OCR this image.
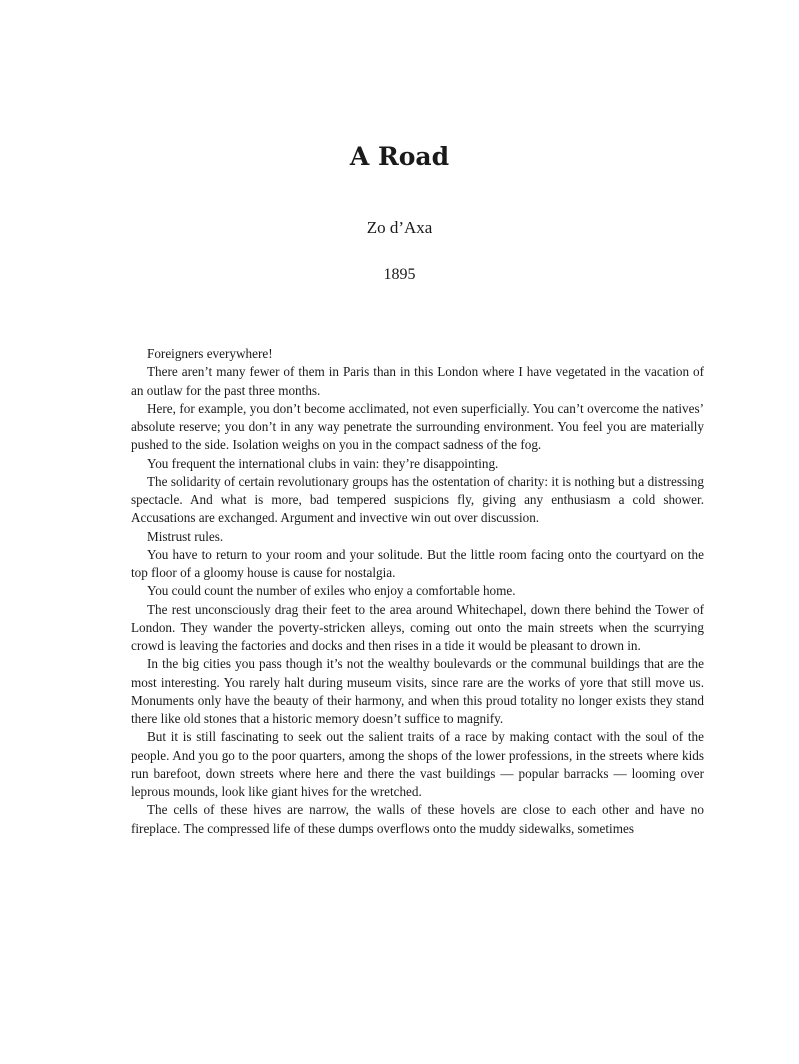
A Road
Zo d’Axa
1895

Foreigners everywhere!

There aren’t many fewer of them in Paris than in this London where I have vegetated in the vacation of an outlaw for the past three months.

Here, for example, you don’t become acclimated, not even superficially. You can’t overcome the natives’ absolute reserve; you don’t in any way penetrate the surrounding environment. You feel you are materially pushed to the side. Isolation weighs on you in the compact sadness of the fog.

You frequent the international clubs in vain: they’re disappointing.

The solidarity of certain revolutionary groups has the ostentation of charity: it is nothing but a distressing spectacle. And what is more, bad tempered suspicions fly, giving any enthusiasm a cold shower. Accusations are exchanged. Argument and invective win out over discussion.

Mistrust rules.

You have to return to your room and your solitude. But the little room facing onto the courtyard on the top floor of a gloomy house is cause for nostalgia.

You could count the number of exiles who enjoy a comfortable home.

The rest unconsciously drag their feet to the area around Whitechapel, down there behind the Tower of London. They wander the poverty-stricken alleys, coming out onto the main streets when the scurrying crowd is leaving the factories and docks and then rises in a tide it would be pleasant to drown in.

In the big cities you pass though it’s not the wealthy boulevards or the communal buildings that are the most interesting. You rarely halt during museum visits, since rare are the works of yore that still move us. Monuments only have the beauty of their harmony, and when this proud totality no longer exists they stand there like old stones that a historic memory doesn’t suffice to magnify.

But it is still fascinating to seek out the salient traits of a race by making contact with the soul of the people. And you go to the poor quarters, among the shops of the lower professions, in the streets where kids run barefoot, down streets where here and there the vast buildings — popular barracks — looming over leprous mounds, look like giant hives for the wretched.

The cells of these hives are narrow, the walls of these hovels are close to each other and have no fireplace. The compressed life of these dumps overflows onto the muddy sidewalks, sometimes
